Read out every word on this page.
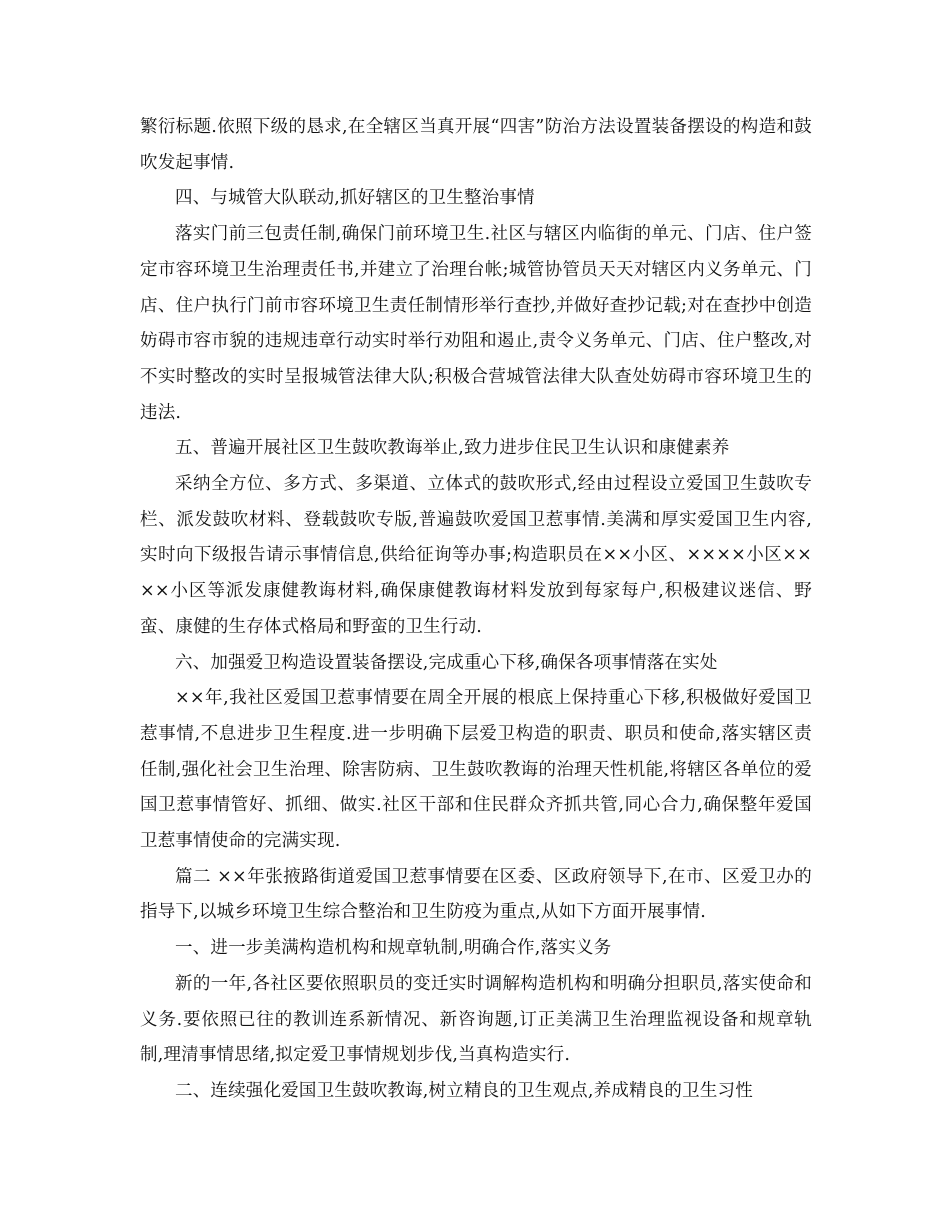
繁衍标题.依照下级的恳求,在全辖区当真开展“四害”防治方法设置装备摆设的构造和鼓吹发起事情.

四、与城管大队联动,抓好辖区的卫生整治事情

落实门前三包责任制,确保门前环境卫生.社区与辖区内临街的单元、门店、住户签定市容环境卫生治理责任书,并建立了治理台帐;城管协管员天天对辖区内义务单元、门店、住户执行门前市容环境卫生责任制情形举行查抄,并做好查抄记载;对在查抄中创造妨碍市容市貌的违规违章行动实时举行劝阻和遏止,责令义务单元、门店、住户整改,对不实时整改的实时呈报城管法律大队;积极合营城管法律大队查处妨碍市容环境卫生的违法.

五、普遍开展社区卫生鼓吹教诲举止,致力进步住民卫生认识和康健素养

采纳全方位、多方式、多渠道、立体式的鼓吹形式,经由过程设立爱国卫生鼓吹专栏、派发鼓吹材料、登载鼓吹专版,普遍鼓吹爱国卫惹事情.美满和厚实爱国卫生内容,实时向下级报告请示事情信息,供给征询等办事;构造职员在××小区、××××小区××××小区等派发康健教诲材料,确保康健教诲材料发放到每家每户,积极建议迷信、野蛮、康健的生存体式格局和野蛮的卫生行动.

六、加强爱卫构造设置装备摆设,完成重心下移,确保各项事情落在实处

××年,我社区爱国卫惹事情要在周全开展的根底上保持重心下移,积极做好爱国卫惹事情,不息进步卫生程度.进一步明确下层爱卫构造的职责、职员和使命,落实辖区责任制,强化社会卫生治理、除害防病、卫生鼓吹教诲的治理天性机能,将辖区各单位的爱国卫惹事情管好、抓细、做实.社区干部和住民群众齐抓共管,同心合力,确保整年爱国卫惹事情使命的完满实现.

篇二 ××年张掖路街道爱国卫惹事情要在区委、区政府领导下,在市、区爱卫办的指导下,以城乡环境卫生综合整治和卫生防疫为重点,从如下方面开展事情.

一、进一步美满构造机构和规章轨制,明确合作,落实义务

新的一年,各社区要依照职员的变迁实时调解构造机构和明确分担职员,落实使命和义务.要依照已往的教训连系新情况、新咨询题,订正美满卫生治理监视设备和规章轨制,理清事情思绪,拟定爱卫事情规划步伐,当真构造实行.

二、连续强化爱国卫生鼓吹教诲,树立精良的卫生观点,养成精良的卫生习性
